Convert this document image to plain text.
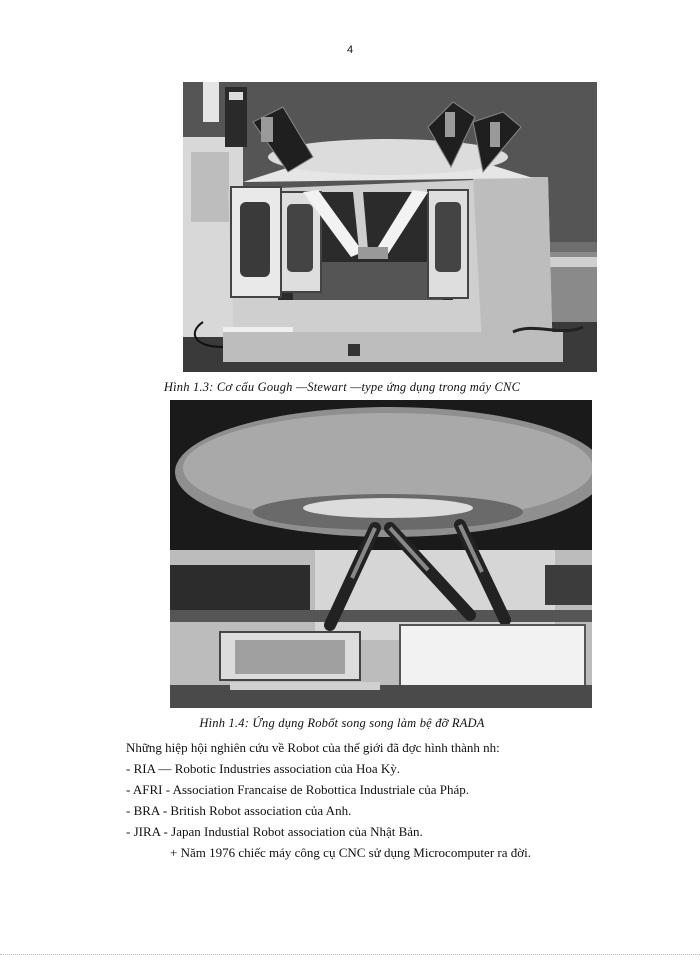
4
Hình 1.3: Cơ cấu Gough —Stewart —type ứng dụng trong máy CNC
Hình 1.4: Ứng dụng Robốt song song làm bệ đỡ RADA

Những hiệp hội nghiên cứu về Robot của thế giới đã đợc hình thành nh:

- RIA — Robotic Industries association của Hoa Kỳ.

- AFRI - Association Francaise de Robottica Industriale của Pháp.

- BRA - British Robot association của Anh.

- JIRA - Japan Industial Robot association của Nhật Bản.

+ Năm 1976 chiếc máy công cụ CNC sử dụng Microcomputer ra đời.
